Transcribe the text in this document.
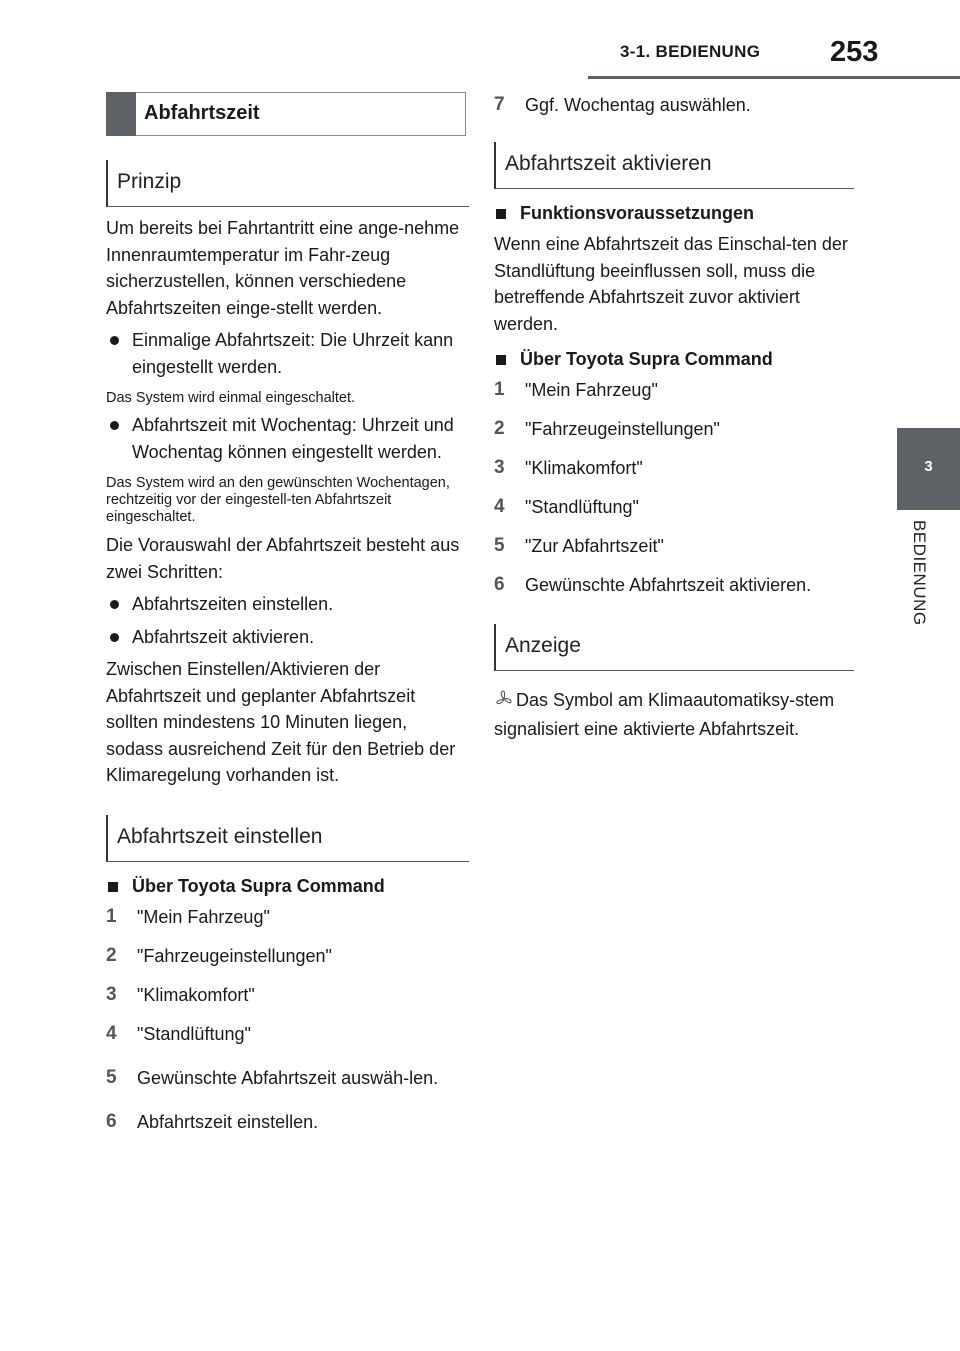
3-1. BEDIENUNG 253
3
BEDIENUNG
Abfahrtszeit
Prinzip

Um bereits bei Fahrtantritt eine ange-nehme Innenraumtemperatur im Fahr-zeug sicherzustellen, können verschiedene Abfahrtszeiten einge-stellt werden.

Einmalige Abfahrtszeit: Die Uhrzeit kann eingestellt werden.

Das System wird einmal eingeschaltet.

Abfahrtszeit mit Wochentag: Uhrzeit und Wochentag können eingestellt werden.

Das System wird an den gewünschten Wochentagen, rechtzeitig vor der eingestell-ten Abfahrtszeit eingeschaltet.

Die Vorauswahl der Abfahrtszeit besteht aus zwei Schritten:

Abfahrtszeiten einstellen.
Abfahrtszeit aktivieren.

Zwischen Einstellen/Aktivieren der Abfahrtszeit und geplanter Abfahrtszeit sollten mindestens 10 Minuten liegen, sodass ausreichend Zeit für den Betrieb der Klimaregelung vorhanden ist.

Abfahrtszeit einstellen
Über Toyota Supra Command
1	"Mein Fahrzeug"
2	"Fahrzeugeinstellungen"
3	"Klimakomfort"
4	"Standlüftung"
5	Gewünschte Abfahrtszeit auswäh-len.
6	Abfahrtszeit einstellen.
7	Ggf. Wochentag auswählen.
Abfahrtszeit aktivieren
Funktionsvoraussetzungen

Wenn eine Abfahrtszeit das Einschal-ten der Standlüftung beeinflussen soll, muss die betreffende Abfahrtszeit zuvor aktiviert werden.

Über Toyota Supra Command
1	"Mein Fahrzeug"
2	"Fahrzeugeinstellungen"
3	"Klimakomfort"
4	"Standlüftung"
5	"Zur Abfahrtszeit"
6	Gewünschte Abfahrtszeit aktivieren.
Anzeige

Das Symbol am Klimaautomatiksy-stem signalisiert eine aktivierte Abfahrtszeit.
